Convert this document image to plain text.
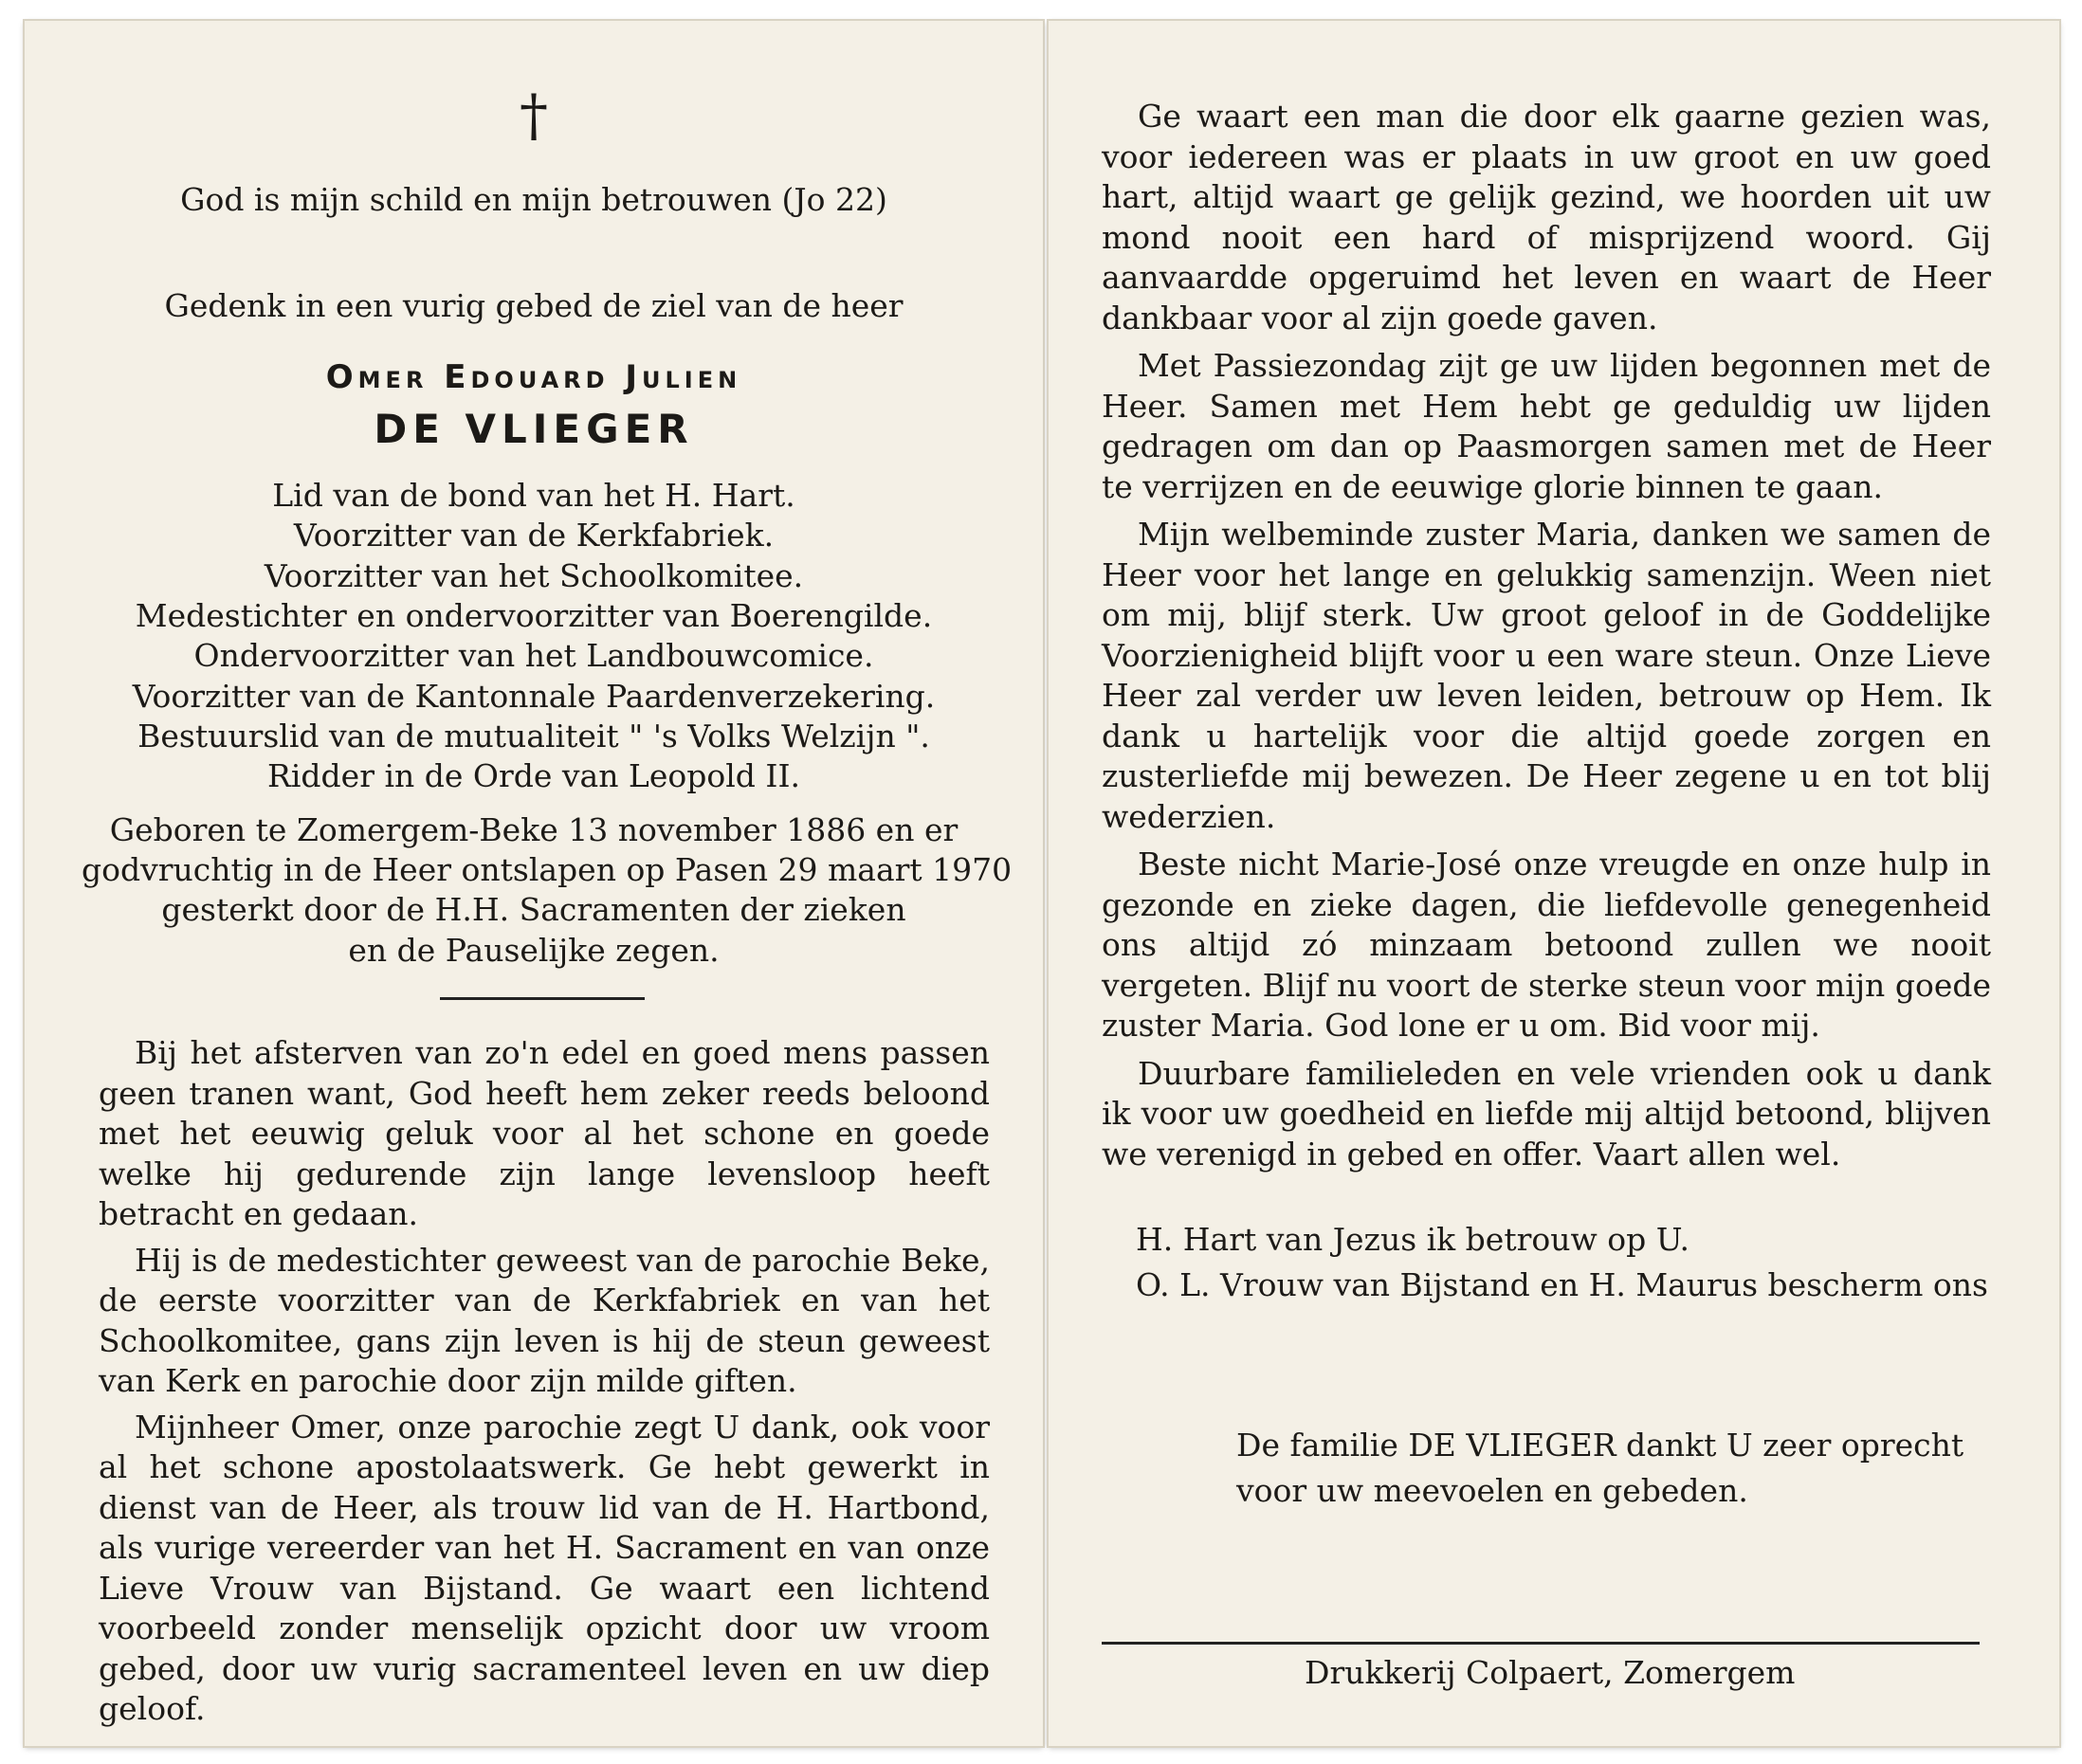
†
God is mijn schild en mijn betrouwen (Jo 22)
Gedenk in een vurig gebed de ziel van de heer
Omer Edouard Julien
DE VLIEGER
Lid van de bond van het H. Hart.
Voorzitter van de Kerkfabriek.
Voorzitter van het Schoolkomitee.
Medestichter en ondervoorzitter van Boerengilde.
Ondervoorzitter van het Landbouwcomice.
Voorzitter van de Kantonnale Paardenverzekering.
Bestuurslid van de mutualiteit " 's Volks Welzijn ".
Ridder in de Orde van Leopold II.
Geboren te Zomergem-Beke 13 november 1886 en er
godvruchtig in de Heer ontslapen op Pasen 29 maart 1970
gesterkt door de H.H. Sacramenten der zieken
en de Pauselijke zegen.

Bij het afsterven van zo'n edel en goed mens passen geen tranen want, God heeft hem zeker reeds beloond met het eeuwig geluk voor al het schone en goede welke hij gedurende zijn lange levensloop heeft betracht en gedaan.

Hij is de medestichter geweest van de parochie Beke, de eerste voorzitter van de Kerkfabriek en van het Schoolkomitee, gans zijn leven is hij de steun geweest van Kerk en parochie door zijn milde giften.

Mijnheer Omer, onze parochie zegt U dank, ook voor al het schone apostolaatswerk. Ge hebt gewerkt in dienst van de Heer, als trouw lid van de H. Hartbond, als vurige vereerder van het H. Sacrament en van onze Lieve Vrouw van Bijstand. Ge waart een lichtend voorbeeld zonder menselijk opzicht door uw vroom gebed, door uw vurig sacramenteel leven en uw diep geloof.

Ge waart een man die door elk gaarne gezien was, voor iedereen was er plaats in uw groot en uw goed hart, altijd waart ge gelijk gezind, we hoorden uit uw mond nooit een hard of misprijzend woord. Gij aanvaardde opgeruimd het leven en waart de Heer dankbaar voor al zijn goede gaven.

Met Passiezondag zijt ge uw lijden begonnen met de Heer. Samen met Hem hebt ge geduldig uw lijden gedragen om dan op Paasmorgen samen met de Heer te verrijzen en de eeuwige glorie binnen te gaan.

Mijn welbeminde zuster Maria, danken we samen de Heer voor het lange en gelukkig samenzijn. Ween niet om mij, blijf sterk. Uw groot geloof in de Goddelijke Voorzienigheid blijft voor u een ware steun. Onze Lieve Heer zal verder uw leven leiden, betrouw op Hem. Ik dank u hartelijk voor die altijd goede zorgen en zusterliefde mij bewezen. De Heer zegene u en tot blij wederzien.

Beste nicht Marie-José onze vreugde en onze hulp in gezonde en zieke dagen, die liefdevolle genegenheid ons altijd zó minzaam betoond zullen we nooit vergeten. Blijf nu voort de sterke steun voor mijn goede zuster Maria. God lone er u om. Bid voor mij.

Duurbare familieleden en vele vrienden ook u dank ik voor uw goedheid en liefde mij altijd betoond, blijven we verenigd in gebed en offer. Vaart allen wel.

H. Hart van Jezus ik betrouw op U.
O. L. Vrouw van Bijstand en H. Maurus bescherm ons
De familie DE VLIEGER dankt U zeer oprecht
voor uw meevoelen en gebeden.
Drukkerij Colpaert, Zomergem
